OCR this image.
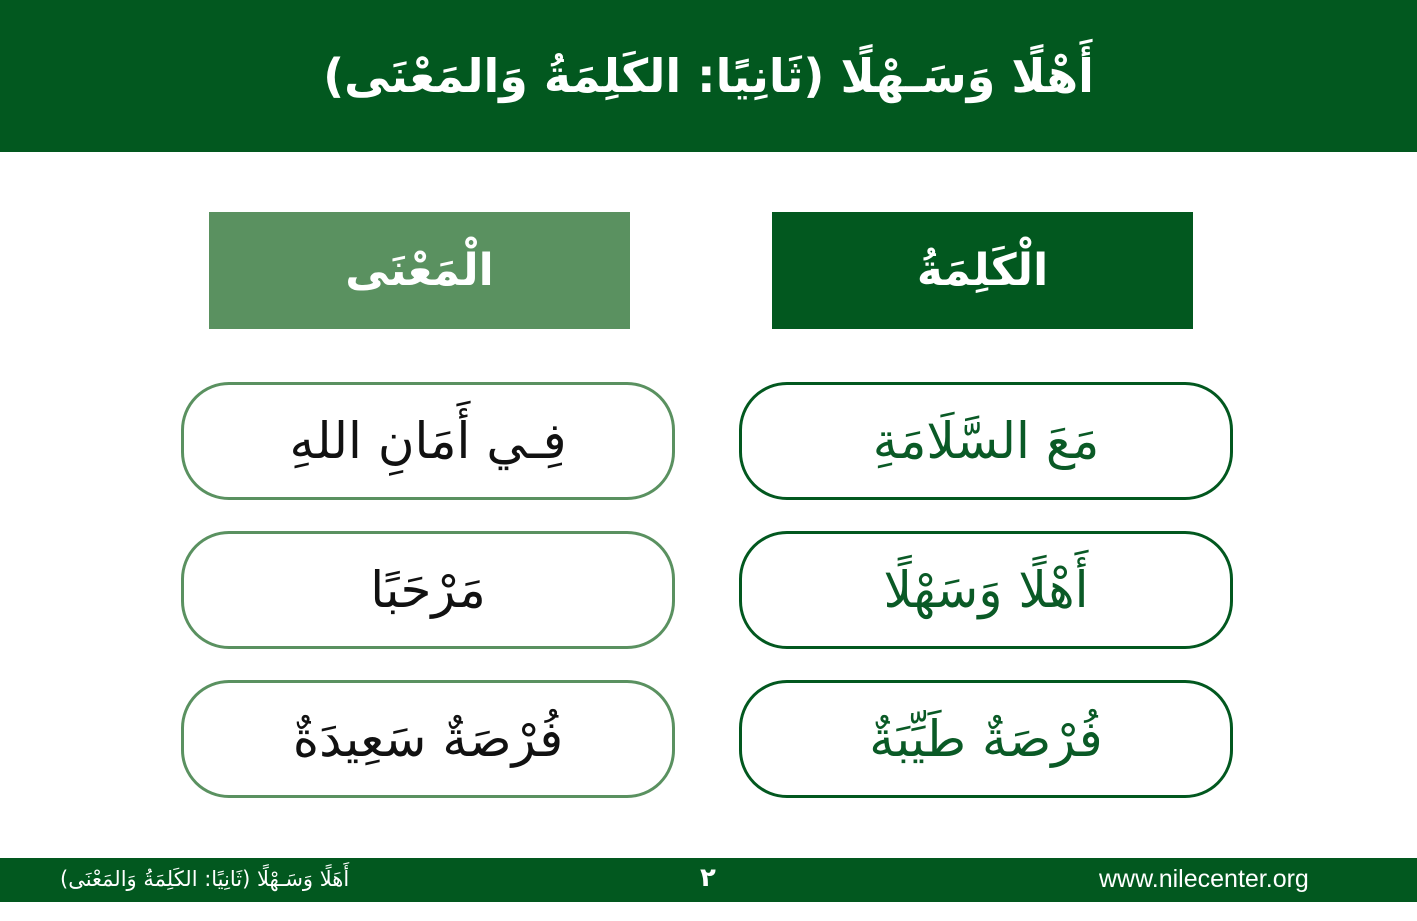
أَهْلًا وَسَـهْلًا (ثَانِيًا: الكَلِمَةُ وَالمَعْنَى)
الْكَلِمَةُ
الْمَعْنَى
مَعَ السَّلَامَةِ
فِـي أَمَانِ اللهِ
أَهْلًا وَسَهْلًا
مَرْحَبًا
فُرْصَةٌ طَيِّبَةٌ
فُرْصَةٌ سَعِيدَةٌ
أَهَلًا وَسَـهْلًا (ثَانِيًا: الكَلِمَةُ وَالمَعْنَى)	٢	www.nilecenter.org
